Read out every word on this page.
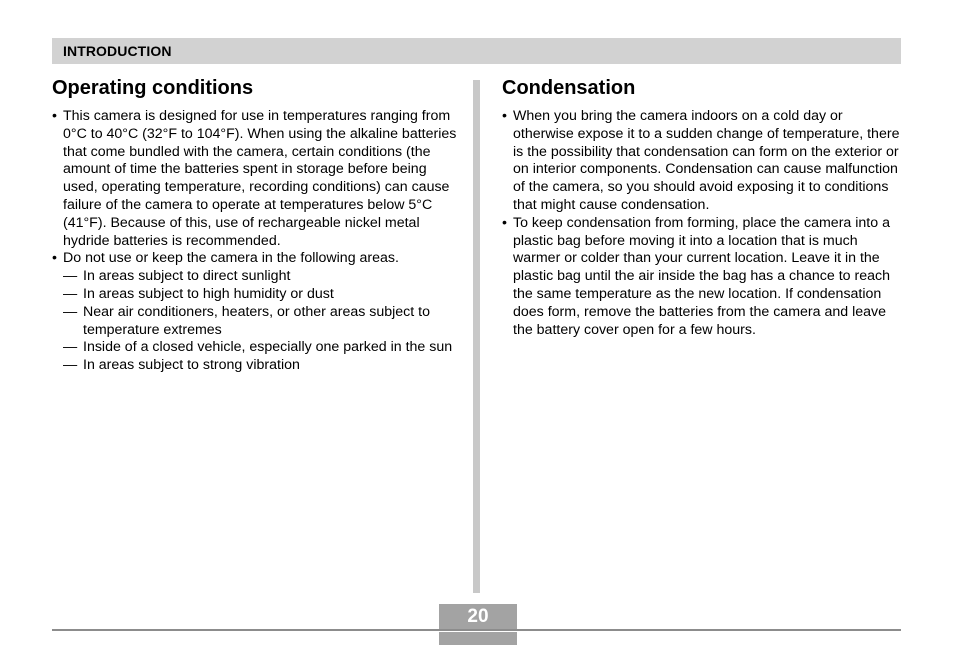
INTRODUCTION
Operating conditions
• This camera is designed for use in temperatures ranging from 0°C to 40°C (32°F to 104°F). When using the alkaline batteries that come bundled with the camera, certain conditions (the amount of time the batteries spent in storage before being used, operating temperature, recording conditions) can cause failure of the camera to operate at temperatures below 5°C (41°F). Because of this, use of rechargeable nickel metal hydride batteries is recommended.
• Do not use or keep the camera in the following areas.
— In areas subject to direct sunlight
— In areas subject to high humidity or dust
— Near air conditioners, heaters, or other areas subject to temperature extremes
— Inside of a closed vehicle, especially one parked in the sun
— In areas subject to strong vibration
Condensation
• When you bring the camera indoors on a cold day or otherwise expose it to a sudden change of temperature, there is the possibility that condensation can form on the exterior or on interior components. Condensation can cause malfunction of the camera, so you should avoid exposing it to conditions that might cause condensation.
• To keep condensation from forming, place the camera into a plastic bag before moving it into a location that is much warmer or colder than your current location. Leave it in the plastic bag until the air inside the bag has a chance to reach the same temperature as the new location. If condensation does form, remove the batteries from the camera and leave the battery cover open for a few hours.
20
